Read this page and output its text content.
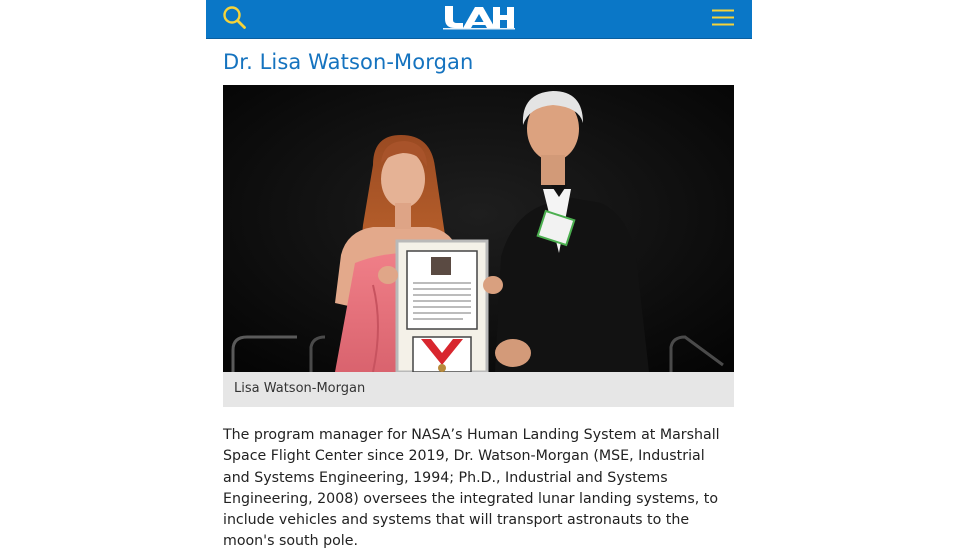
Dr. Lisa Watson-Morgan
Lisa Watson-Morgan

The program manager for NASA’s Human Landing System at Marshall Space Flight Center since 2019, Dr. Watson-Morgan (MSE, Industrial and Systems Engineering, 1994; Ph.D., Industrial and Systems Engineering, 2008) oversees the integrated lunar landing systems, to include vehicles and systems that will transport astronauts to the moon's south pole.
